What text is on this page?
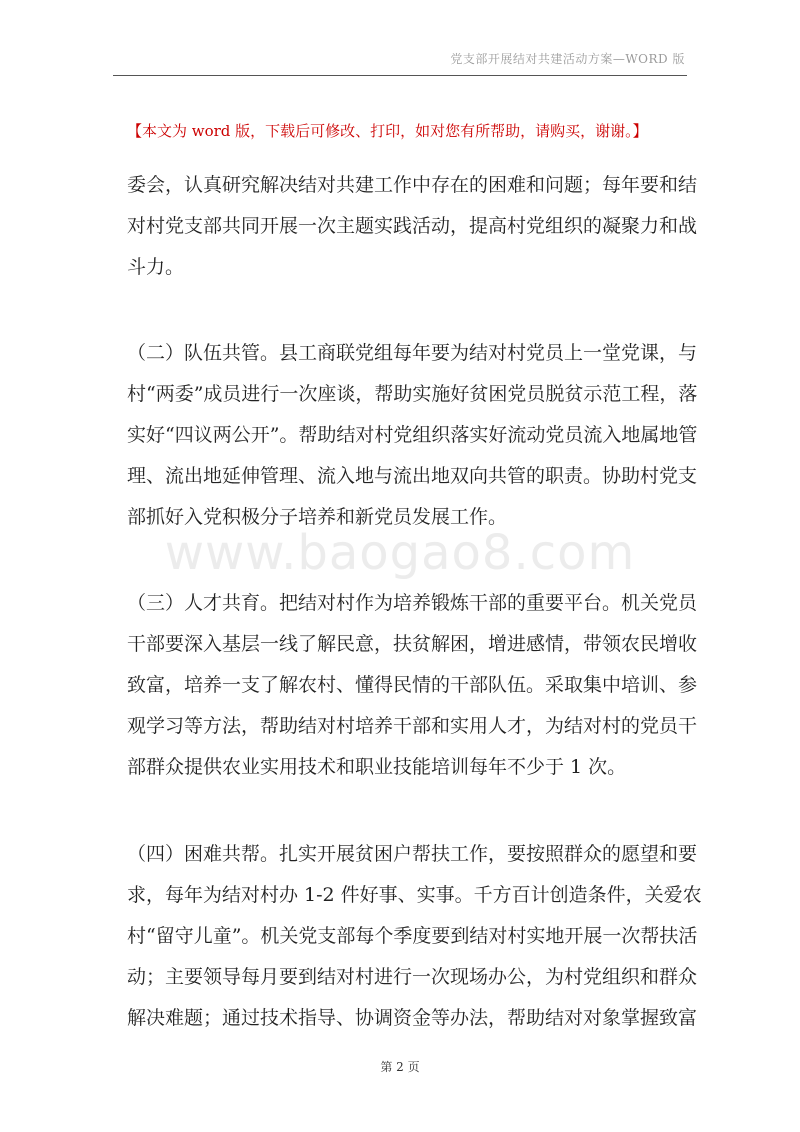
党支部开展结对共建活动方案—WORD 版
【本文为 word 版，下载后可修改、打印，如对您有所帮助，请购买，谢谢。】
委会，认真研究解决结对共建工作中存在的困难和问题；每年要和结
对村党支部共同开展一次主题实践活动，提高村党组织的凝聚力和战
斗力。
（二）队伍共管。县工商联党组每年要为结对村党员上一堂党课，与
村“两委”成员进行一次座谈，帮助实施好贫困党员脱贫示范工程，落
实好“四议两公开”。帮助结对村党组织落实好流动党员流入地属地管
理、流出地延伸管理、流入地与流出地双向共管的职责。协助村党支
部抓好入党积极分子培养和新党员发展工作。
（三）人才共育。把结对村作为培养锻炼干部的重要平台。机关党员
干部要深入基层一线了解民意，扶贫解困，增进感情，带领农民增收
致富，培养一支了解农村、懂得民情的干部队伍。采取集中培训、参
观学习等方法，帮助结对村培养干部和实用人才，为结对村的党员干
部群众提供农业实用技术和职业技能培训每年不少于 1 次。
（四）困难共帮。扎实开展贫困户帮扶工作，要按照群众的愿望和要
求，每年为结对村办 1-2 件好事、实事。千方百计创造条件，关爱农
村“留守儿童”。机关党支部每个季度要到结对村实地开展一次帮扶活
动；主要领导每月要到结对村进行一次现场办公，为村党组织和群众
解决难题；通过技术指导、协调资金等办法，帮助结对对象掌握致富
www.baogao8.com
第 2 页
